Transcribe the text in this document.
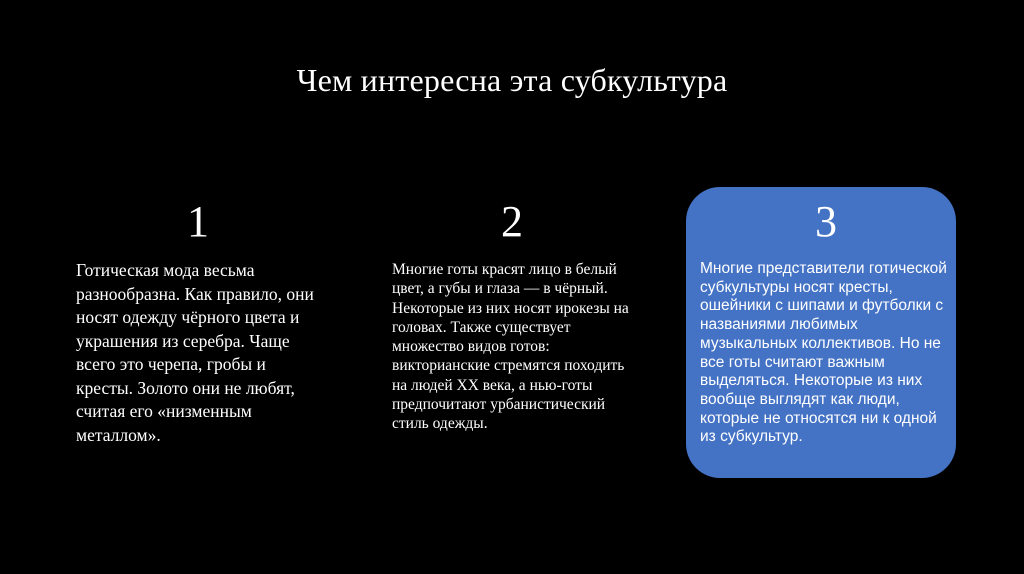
Чем интересна эта субкультура
1
Готическая мода весьма разнообразна. Как правило, они носят одежду чёрного цвета и украшения из серебра. Чаще всего это черепа, гробы и кресты. Золото они не любят, считая его «низменным металлом».
2
Многие готы красят лицо в белый цвет, а губы и глаза — в чёрный. Некоторые из них носят ирокезы на головах. Также существует множество видов готов: викторианские стремятся походить на людей XX века, а нью-готы предпочитают урбанистический стиль одежды.
3
Многие представители готической субкультуры носят кресты, ошейники с шипами и футболки с названиями любимых музыкальных коллективов. Но не все готы считают важным выделяться. Некоторые из них вообще выглядят как люди, которые не относятся ни к одной из субкультур.
